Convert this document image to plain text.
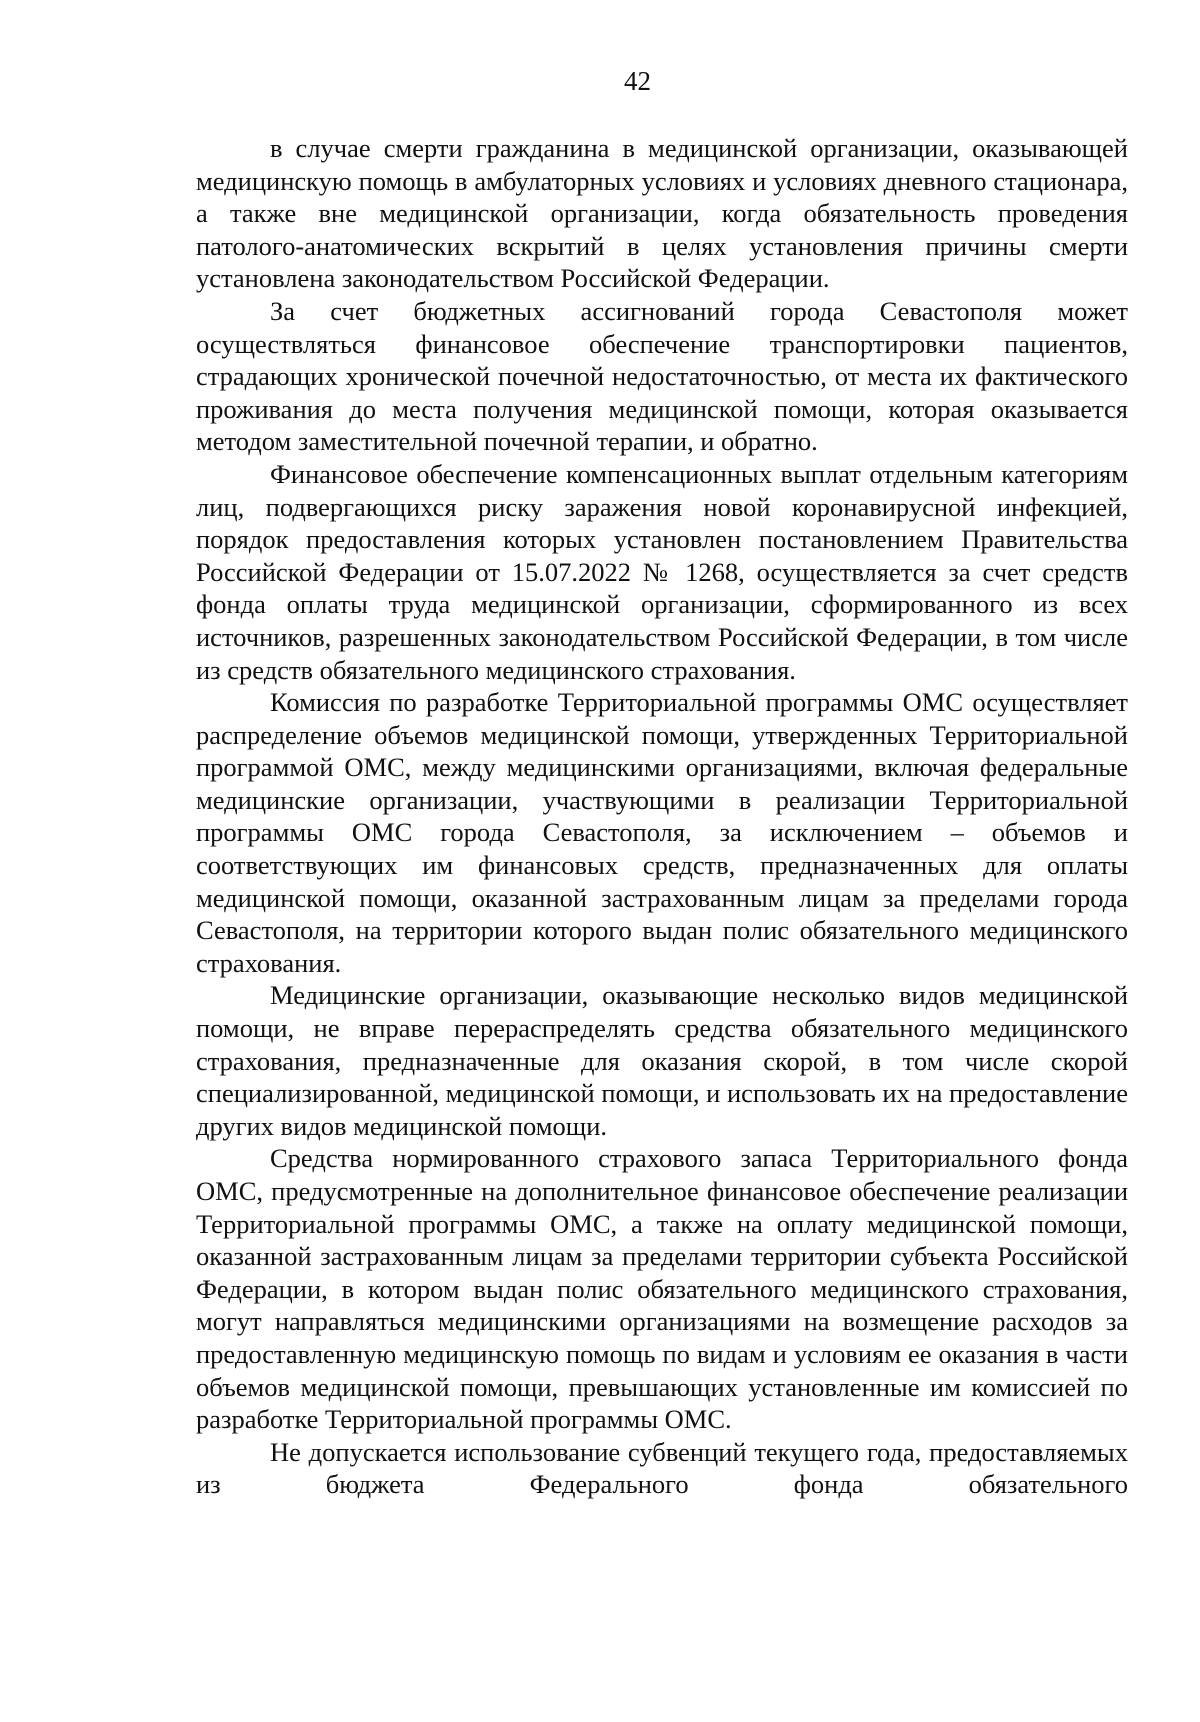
42

в случае смерти гражданина в медицинской организации, оказывающей медицинскую помощь в амбулаторных условиях и условиях дневного стационара, а также вне медицинской организации, когда обязательность проведения патолого-анатомических вскрытий в целях установления причины смерти установлена законодательством Российской Федерации.

За счет бюджетных ассигнований города Севастополя может осуществляться финансовое обеспечение транспортировки пациентов, страдающих хронической почечной недостаточностью, от места их фактического проживания до места получения медицинской помощи, которая оказывается методом заместительной почечной терапии, и обратно.

Финансовое обеспечение компенсационных выплат отдельным категориям лиц, подвергающихся риску заражения новой коронавирусной инфекцией, порядок предоставления которых установлен постановлением Правительства Российской Федерации от 15.07.2022 № 1268, осуществляется за счет средств фонда оплаты труда медицинской организации, сформированного из всех источников, разрешенных законодательством Российской Федерации, в том числе из средств обязательного медицинского страхования.

Комиссия по разработке Территориальной программы ОМС осуществляет распределение объемов медицинской помощи, утвержденных Территориальной программой ОМС, между медицинскими организациями, включая федеральные медицинские организации, участвующими в реализации Территориальной программы ОМС города Севастополя, за исключением – объемов и соответствующих им финансовых средств, предназначенных для оплаты медицинской помощи, оказанной застрахованным лицам за пределами города Севастополя, на территории которого выдан полис обязательного медицинского страхования.

Медицинские организации, оказывающие несколько видов медицинской помощи, не вправе перераспределять средства обязательного медицинского страхования, предназначенные для оказания скорой, в том числе скорой специализированной, медицинской помощи, и использовать их на предоставление других видов медицинской помощи.

Средства нормированного страхового запаса Территориального фонда ОМС, предусмотренные на дополнительное финансовое обеспечение реализации Территориальной программы ОМС, а также на оплату медицинской помощи, оказанной застрахованным лицам за пределами территории субъекта Российской Федерации, в котором выдан полис обязательного медицинского страхования, могут направляться медицинскими организациями на возмещение расходов за предоставленную медицинскую помощь по видам и условиям ее оказания в части объемов медицинской помощи, превышающих установленные им комиссией по разработке Территориальной программы ОМС.

Не допускается использование субвенций текущего года, предоставляемых из бюджета Федерального фонда обязательного
